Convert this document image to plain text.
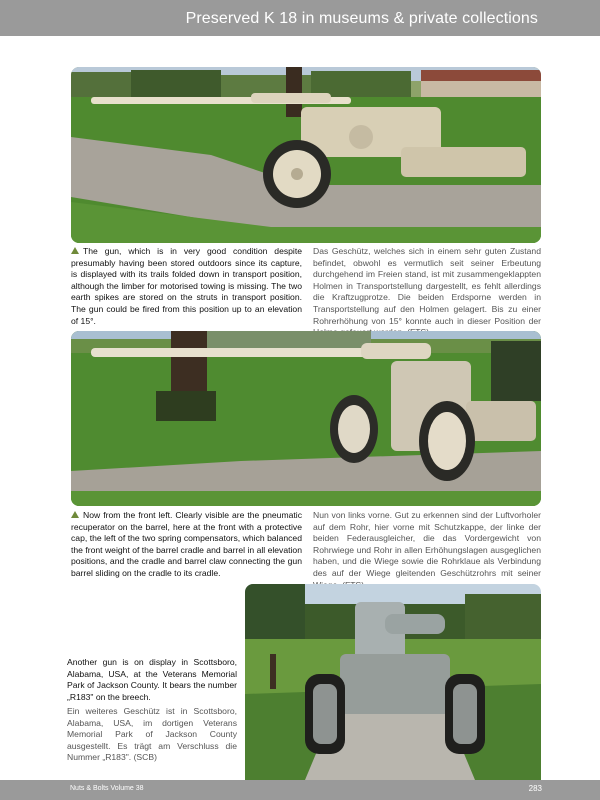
Preserved K 18 in museums & private collections
The gun, which is in very good condition despite presumably having been stored outdoors since its capture, is displayed with its trails folded down in transport position, although the limber for motorised towing is missing. The two earth spikes are stored on the struts in transport position. The gun could be fired from this position up to an elevation of 15°.
Das Geschütz, welches sich in einem sehr guten Zustand befindet, obwohl es vermutlich seit seiner Erbeutung durchgehend im Freien stand, ist mit zusammengeklappten Holmen in Transportstellung dargestellt, es fehlt allerdings die Kraftzugprotze. Die beiden Erdsporne werden in Transportstellung auf den Holmen gelagert. Bis zu einer Rohrerhöhung von 15° konnte auch in dieser Position der
Now from the front left. Clearly visible are the pneumatic recuperator on the barrel, here at the front with a protective cap, the left of the two spring compensators, which balanced the front weight of the barrel cradle and barrel in all elevation positions, and the cradle and barrel claw connecting the gun barrel sliding on the cradle to its cradle.
Nun von links vorne. Gut zu erkennen sind der Luftvorholer auf dem Rohr, hier vorne mit Schutzkappe, der linke der beiden Federausgleicher, die das Vordergewicht von Rohrwiege und Rohr in allen Erhöhungslagen ausgeglichen haben, und die Wiege sowie die Rohrklaue als Verbindung des auf der Wiege gleitenden Geschützrohrs mit seiner
Another gun is on display in Scottsboro, Alabama, USA, at the Veterans Memorial Park of Jackson County. It bears the number „R183" on the breech.
Ein weiteres Geschütz ist in Scottsboro, Alabama, USA, im dortigen Veterans Memorial Park of Jackson County ausgestellt. Es trägt am Verschluss die Nummer „R183". (SCB)
Nuts & Bolts Volume 38	283
